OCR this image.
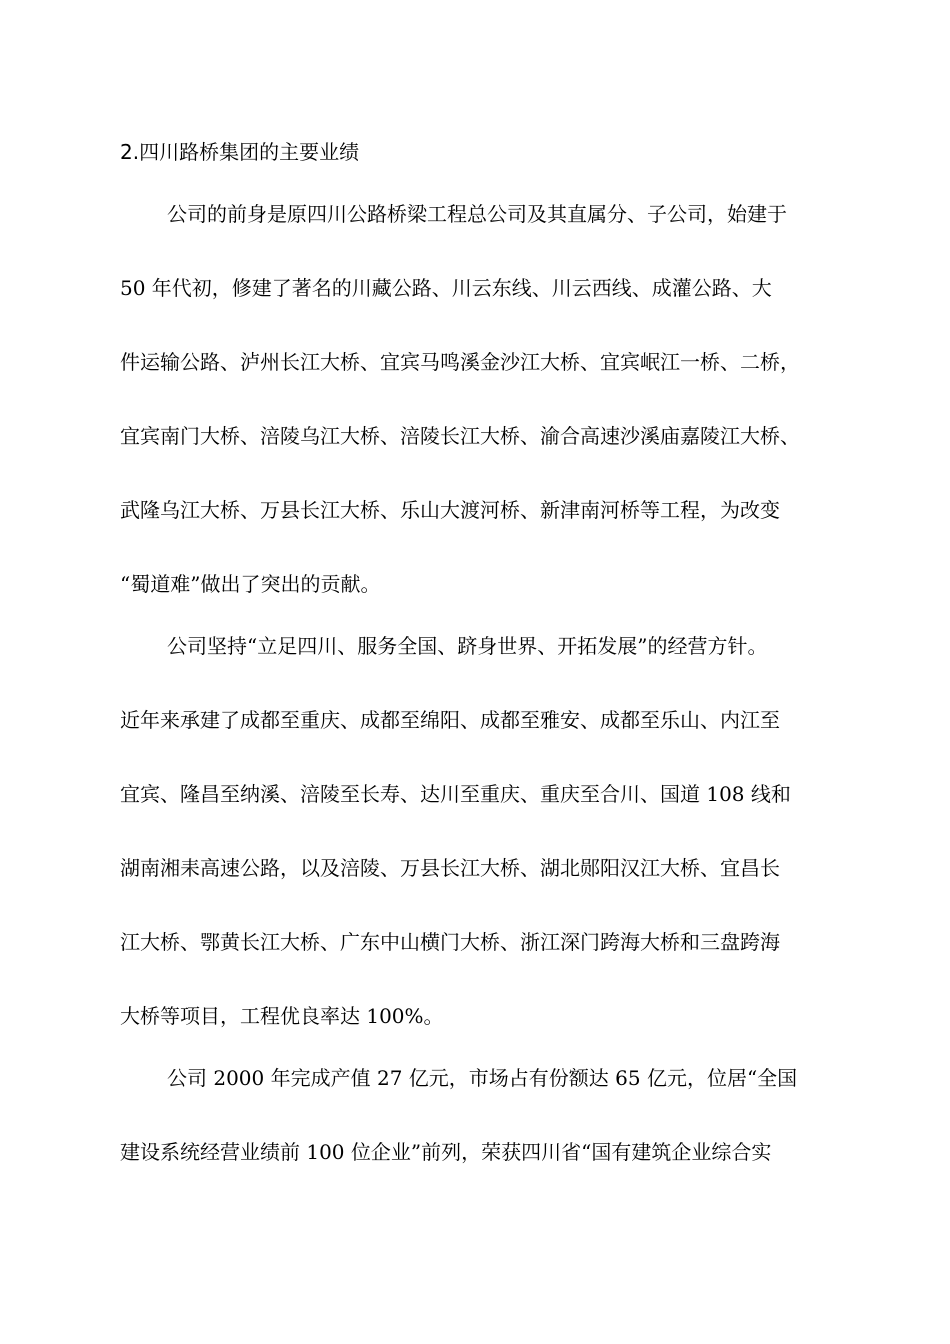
2.四川路桥集团的主要业绩
公司的前身是原四川公路桥梁工程总公司及其直属分、子公司，始建于
50 年代初，修建了著名的川藏公路、川云东线、川云西线、成灌公路、大
件运输公路、泸州长江大桥、宜宾马鸣溪金沙江大桥、宜宾岷江一桥、二桥，
宜宾南门大桥、涪陵乌江大桥、涪陵长江大桥、渝合高速沙溪庙嘉陵江大桥、
武隆乌江大桥、万县长江大桥、乐山大渡河桥、新津南河桥等工程，为改变
“蜀道难”做出了突出的贡献。
公司坚持“立足四川、服务全国、跻身世界、开拓发展”的经营方针。
近年来承建了成都至重庆、成都至绵阳、成都至雅安、成都至乐山、内江至
宜宾、隆昌至纳溪、涪陵至长寿、达川至重庆、重庆至合川、国道 108 线和
湖南湘耒高速公路，以及涪陵、万县长江大桥、湖北郧阳汉江大桥、宜昌长
江大桥、鄂黄长江大桥、广东中山横门大桥、浙江深门跨海大桥和三盘跨海
大桥等项目，工程优良率达 100%。
公司 2000 年完成产值 27 亿元，市场占有份额达 65 亿元，位居“全国
建设系统经营业绩前 100 位企业”前列，荣获四川省“国有建筑企业综合实
